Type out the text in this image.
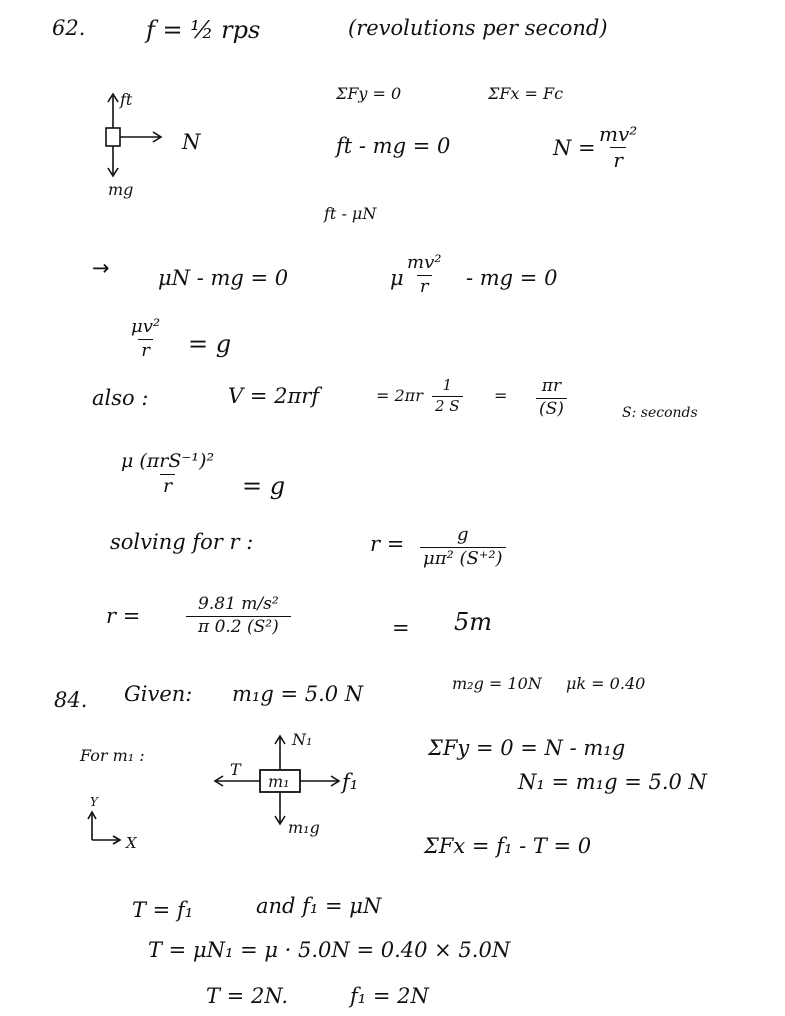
62.	f = ½ rps	(revolutions per second)
ft
N
mg
ΣFy = 0	ΣFx = Fc
ft - mg = 0	$N = \frac{\text{mv²}}{r}$
ft - μN
→ μN - mg = 0	μ $\frac{\text{mv²}}{r}$ - mg = 0
$\frac{\text{μv²}}{r} = g$
also :	V = 2πrf	= $2\pi r \frac{1}{2 S} = \frac{\pi r}{(S)}$	S: seconds
μ (πrS⁻¹)²
r	= g
solving for r :	$r = \frac{g}{\text{μπ² (S⁺²)}}$
r =	$\frac{\text{9.81 m/s²}}{\text{π 0.2 (S²)}}$	= 5m
84. Given: m₁g = 5.0 N	m₂g = 10N μk = 0.40
For m₁ :
m₁
N₁
T
f₁
m₁g
Y
X
ΣFy = 0 = N - m₁g
N₁ = m₁g = 5.0 N
ΣFx = f₁ - T = 0
T = f₁	and f₁ = μN
T = μN₁ = μ · 5.0N = 0.40 × 5.0N
T = 2N.	f₁ = 2N
